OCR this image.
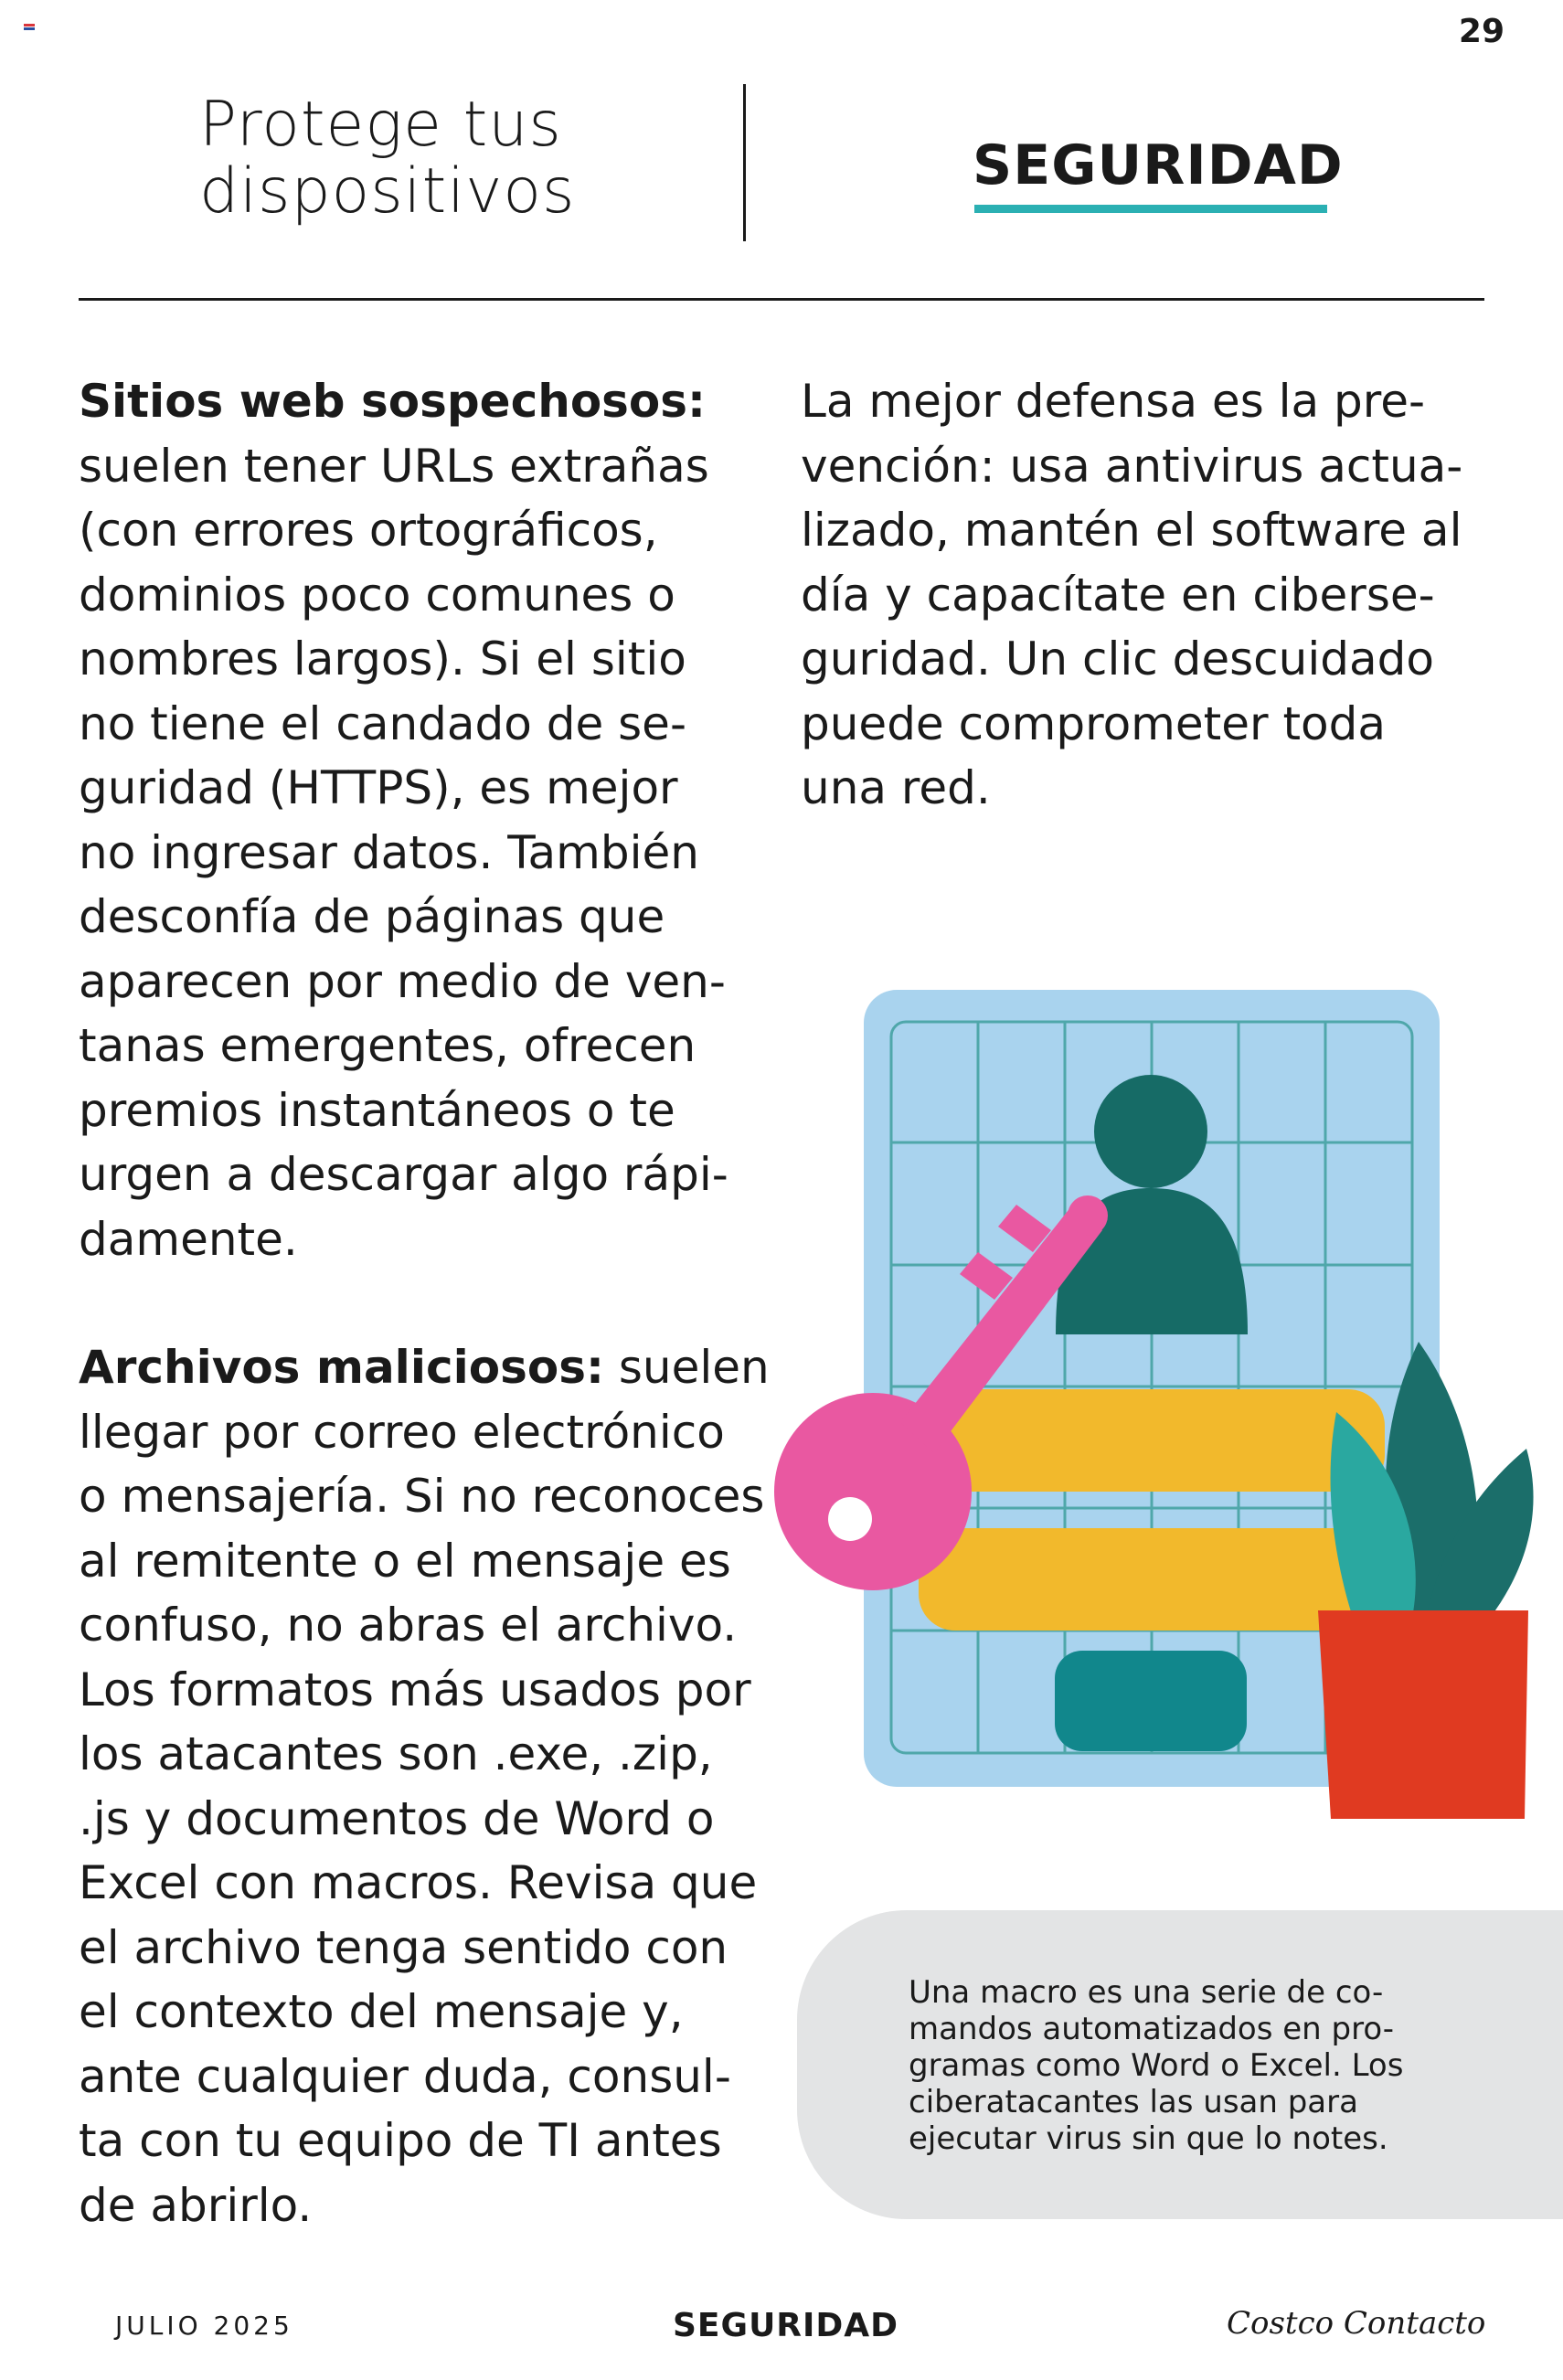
29
Protege tus
dispositivos	SEGURIDAD
Sitios web sospechosos:
suelen tener URLs extrañas
(con errores ortográficos,
dominios poco comunes o
nombres largos). Si el sitio
no tiene el candado de se-
guridad (HTTPS), es mejor
no ingresar datos. También
desconfía de páginas que
aparecen por medio de ven-
tanas emergentes, ofrecen
premios instantáneos o te
urgen a descargar algo rápi-
damente.
Archivos maliciosos: suelen
llegar por correo electrónico
o mensajería. Si no reconoces
al remitente o el mensaje es
confuso, no abras el archivo.
Los formatos más usados por
los atacantes son .exe, .zip,
.js y documentos de Word o
Excel con macros. Revisa que
el archivo tenga sentido con
el contexto del mensaje y,
ante cualquier duda, consul-
ta con tu equipo de TI antes
de abrirlo.
La mejor defensa es la pre-
vención: usa antivirus actua-
lizado, mantén el software al
día y capacítate en ciberse-
guridad. Un clic descuidado
puede comprometer toda
una red.
Una macro es una serie de co-
mandos automatizados en pro-
gramas como Word o Excel. Los
ciberatacantes las usan para
ejecutar virus sin que lo notes.
JULIO 2025	SEGURIDAD	Costco Contacto
